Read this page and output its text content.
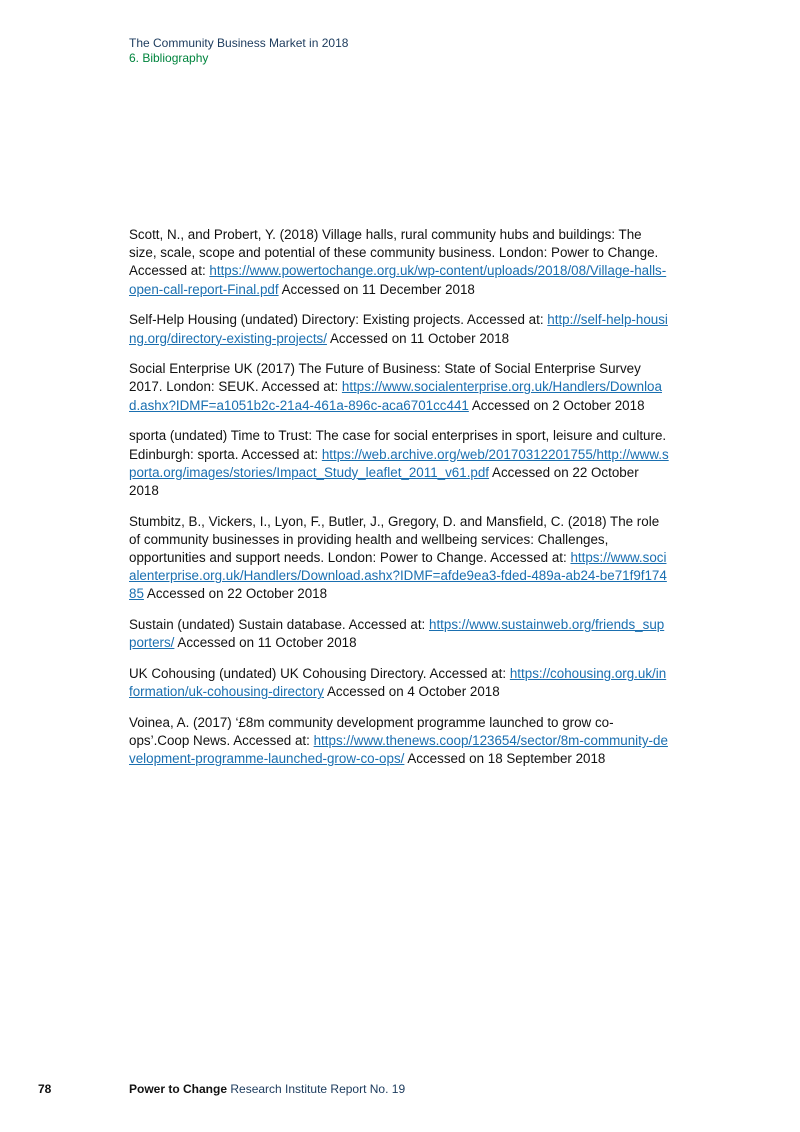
The Community Business Market in 2018
6. Bibliography

Scott, N., and Probert, Y. (2018) Village halls, rural community hubs and buildings: The size, scale, scope and potential of these community business. London: Power to Change. Accessed at: https://www.powertochange.org.uk/wp-content/uploads/2018/08/Village-halls-open-call-report-Final.pdf Accessed on 11 December 2018

Self-Help Housing (undated) Directory: Existing projects. Accessed at: http://self-help-housing.org/directory-existing-projects/ Accessed on 11 October 2018

Social Enterprise UK (2017) The Future of Business: State of Social Enterprise Survey 2017. London: SEUK. Accessed at: https://www.socialenterprise.org.uk/Handlers/Download.ashx?IDMF=a1051b2c-21a4-461a-896c-aca6701cc441 Accessed on 2 October 2018

sporta (undated) Time to Trust: The case for social enterprises in sport, leisure and culture. Edinburgh: sporta. Accessed at: https://web.archive.org/web/20170312201755/http://www.sporta.org/images/stories/Impact_Study_leaflet_2011_v61.pdf Accessed on 22 October 2018

Stumbitz, B., Vickers, I., Lyon, F., Butler, J., Gregory, D. and Mansfield, C. (2018) The role of community businesses in providing health and wellbeing services: Challenges, opportunities and support needs. London: Power to Change. Accessed at: https://www.socialenterprise.org.uk/Handlers/Download.ashx?IDMF=afde9ea3-fded-489a-ab24-be71f9f17485 Accessed on 22 October 2018

Sustain (undated) Sustain database. Accessed at: https://www.sustainweb.org/friends_supporters/ Accessed on 11 October 2018

UK Cohousing (undated) UK Cohousing Directory. Accessed at: https://cohousing.org.uk/information/uk-cohousing-directory Accessed on 4 October 2018

Voinea, A. (2017) ‘£8m community development programme launched to grow co-ops’.Coop News. Accessed at: https://www.thenews.coop/123654/sector/8m-community-development-programme-launched-grow-co-ops/ Accessed on 18 September 2018

78	Power to Change Research Institute Report No. 19
